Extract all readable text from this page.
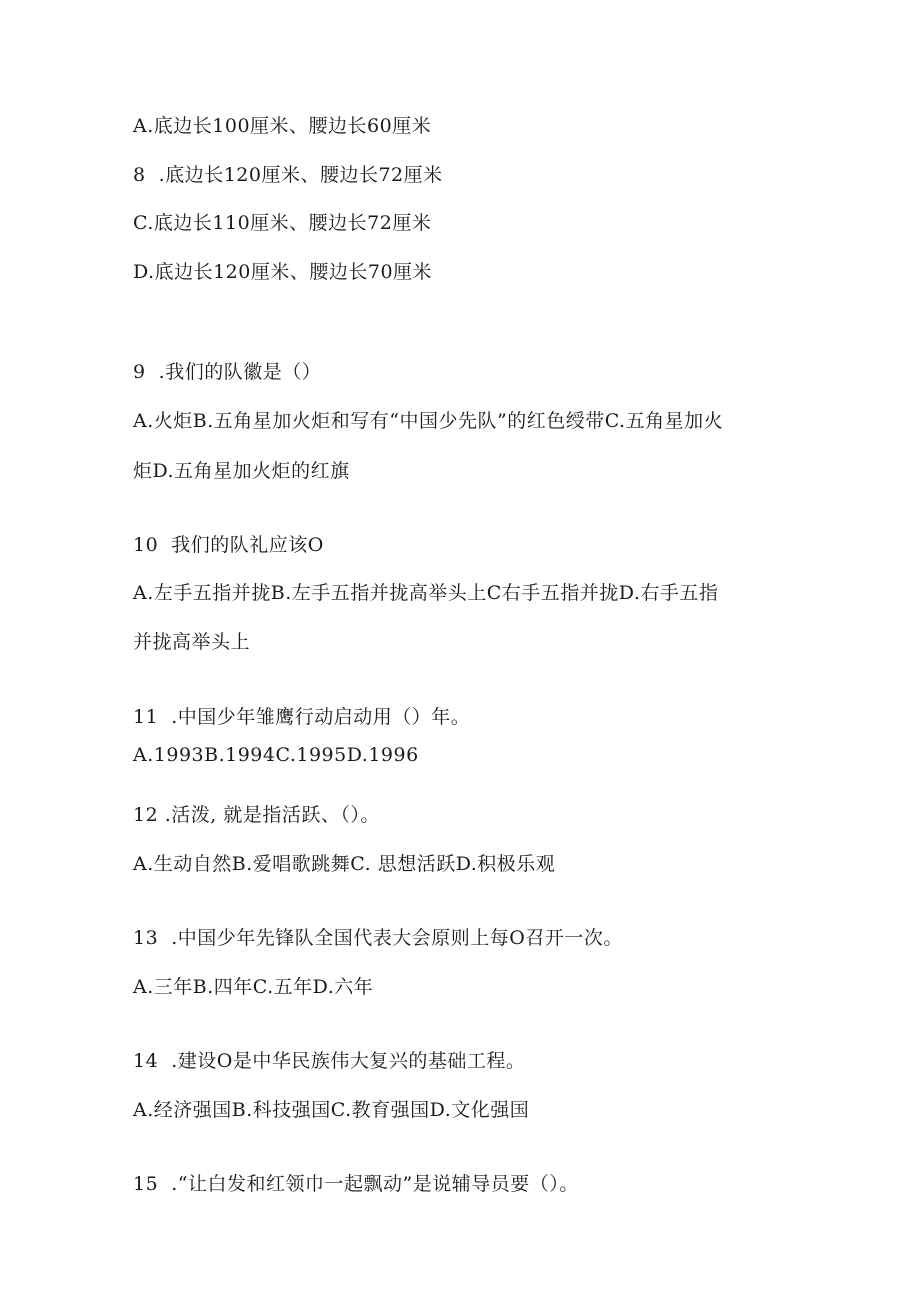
A.底边长100厘米、腰边长60厘米
8  .底边长120厘米、腰边长72厘米
C.底边长110厘米、腰边长72厘米
D.底边长120厘米、腰边长70厘米
9  .我们的队徽是（）
A.火炬B.五角星加火炬和写有“中国少先队”的红色绶带C.五角星加火
炬D.五角星加火炬的红旗
10  我们的队礼应该O
A.左手五指并拢B.左手五指并拢高举头上C右手五指并拢D.右手五指
并拢高举头上
11  .中国少年雏鹰行动启动用（）年。
A.1993B.1994C.1995D.1996
12 .活泼, 就是指活跃、（）。
A.生动自然B.爱唱歌跳舞C. 思想活跃D.积极乐观
13  .中国少年先锋队全国代表大会原则上每O召开一次。
A.三年B.四年C.五年D.六年
14  .建设O是中华民族伟大复兴的基础工程。
A.经济强国B.科技强国C.教育强国D.文化强国
15  .“让白发和红领巾一起飘动”是说辅导员要（）。
